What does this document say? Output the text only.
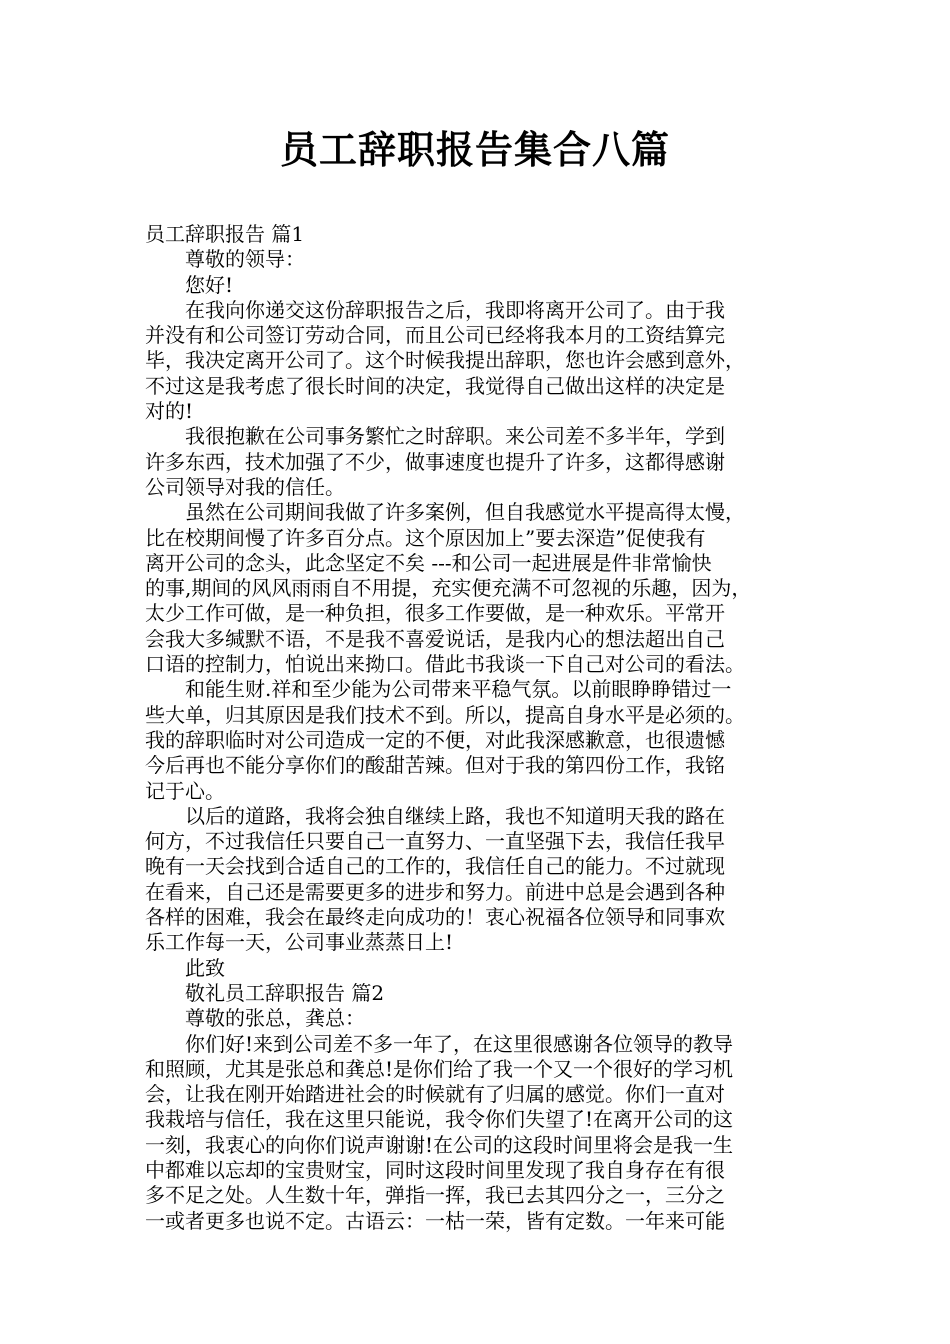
员工辞职报告集合八篇

员工辞职报告 篇1

　　尊敬的领导：

　　您好!

　　在我向你递交这份辞职报告之后，我即将离开公司了。由于我

并没有和公司签订劳动合同，而且公司已经将我本月的工资结算完

毕，我决定离开公司了。这个时候我提出辞职，您也许会感到意外，

不过这是我考虑了很长时间的决定，我觉得自己做出这样的决定是

对的!

　　我很抱歉在公司事务繁忙之时辞职。来公司差不多半年，学到

许多东西，技术加强了不少，做事速度也提升了许多，这都得感谢

公司领导对我的信任。

　　虽然在公司期间我做了许多案例，但自我感觉水平提高得太慢，

比在校期间慢了许多百分点。这个原因加上”要去深造”促使我有

离开公司的念头，此念坚定不矣 ---和公司一起进展是件非常愉快

的事,期间的风风雨雨自不用提，充实便充满不可忽视的乐趣，因为，

太少工作可做，是一种负担，很多工作要做，是一种欢乐。平常开

会我大多缄默不语，不是我不喜爱说话，是我内心的想法超出自己

口语的控制力，怕说出来拗口。借此书我谈一下自己对公司的看法。

　　和能生财.祥和至少能为公司带来平稳气氛。以前眼睁睁错过一

些大单，归其原因是我们技术不到。所以，提高自身水平是必须的。

我的辞职临时对公司造成一定的不便，对此我深感歉意，也很遗憾

今后再也不能分享你们的酸甜苦辣。但对于我的第四份工作，我铭

记于心。

　　以后的道路，我将会独自继续上路，我也不知道明天我的路在

何方，不过我信任只要自己一直努力、一直坚强下去，我信任我早

晚有一天会找到合适自己的工作的，我信任自己的能力。不过就现

在看来，自己还是需要更多的进步和努力。前进中总是会遇到各种

各样的困难，我会在最终走向成功的！衷心祝福各位领导和同事欢

乐工作每一天，公司事业蒸蒸日上!

　　此致

　　敬礼员工辞职报告 篇2

　　尊敬的张总，龚总：

　　你们好!来到公司差不多一年了，在这里很感谢各位领导的教导

和照顾，尤其是张总和龚总!是你们给了我一个又一个很好的学习机

会，让我在刚开始踏进社会的时候就有了归属的感觉。你们一直对

我栽培与信任，我在这里只能说，我令你们失望了!在离开公司的这

一刻，我衷心的向你们说声谢谢!在公司的这段时间里将会是我一生

中都难以忘却的宝贵财宝，同时这段时间里发现了我自身存在有很

多不足之处。人生数十年，弹指一挥，我已去其四分之一，三分之

一或者更多也说不定。古语云：一枯一荣，皆有定数。一年来可能
